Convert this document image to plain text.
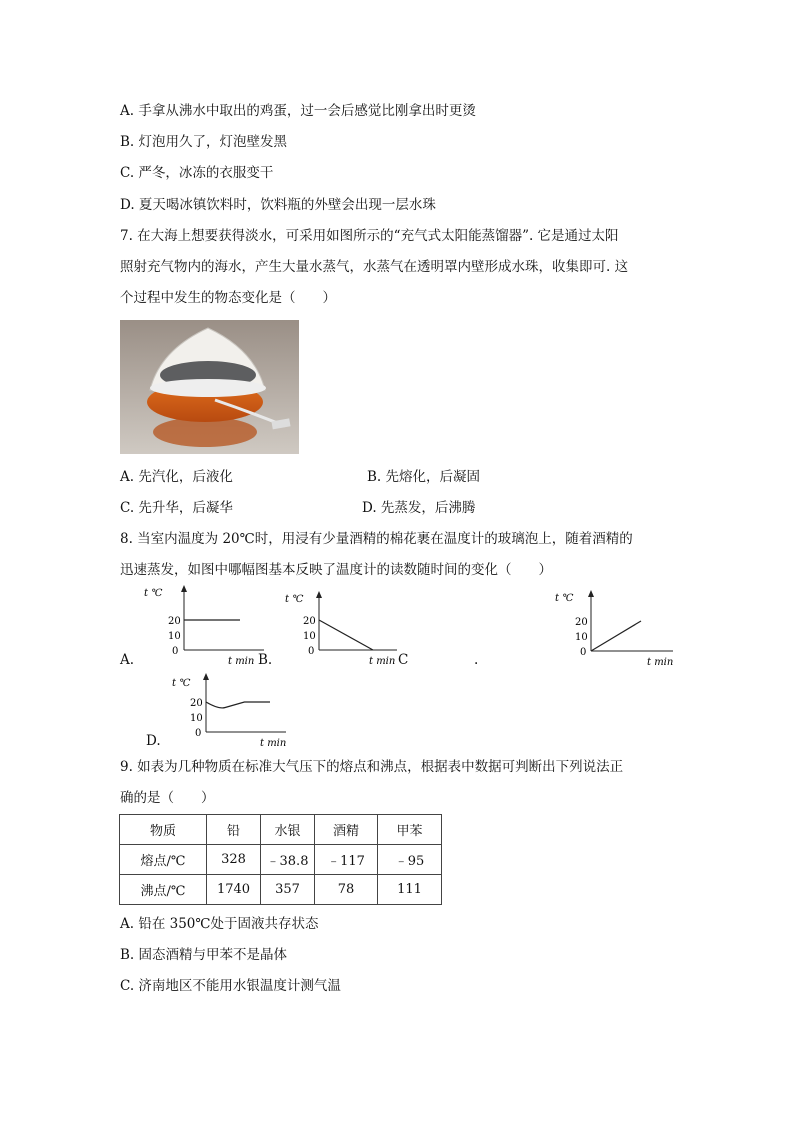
A. 手拿从沸水中取出的鸡蛋，过一会后感觉比刚拿出时更烫
B. 灯泡用久了，灯泡壁发黑
C. 严冬，冰冻的衣服变干
D. 夏天喝冰镇饮料时，饮料瓶的外壁会出现一层水珠
7. 在大海上想要获得淡水，可采用如图所示的“充气式太阳能蒸馏器”. 它是通过太阳
照射充气物内的海水，产生大量水蒸气，水蒸气在透明罩内壁形成水珠，收集即可. 这
个过程中发生的物态变化是（　　）
A. 先汽化，后液化	B. 先熔化，后凝固
C. 先升华，后凝华	D. 先蒸发，后沸腾
8. 当室内温度为 20℃时，用浸有少量酒精的棉花裹在温度计的玻璃泡上，随着酒精的
迅速蒸发，如图中哪幅图基本反映了温度计的读数随时间的变化（　　）
t ℃
20
10
0
t min
t ℃
20
10
0
t min
t ℃
20
10
0
t min
A.	B.	C	.
t ℃
20
10
0
t min
D.
9. 如表为几种物质在标准大气压下的熔点和沸点，根据表中数据可判断出下列说法正
确的是（　　）
物质	铅	水银	酒精	甲苯
熔点/℃	328	﹣38.8	﹣117	﹣95
沸点/℃	1740	357	78	111
A. 铅在 350℃处于固液共存状态
B. 固态酒精与甲苯不是晶体
C. 济南地区不能用水银温度计测气温
